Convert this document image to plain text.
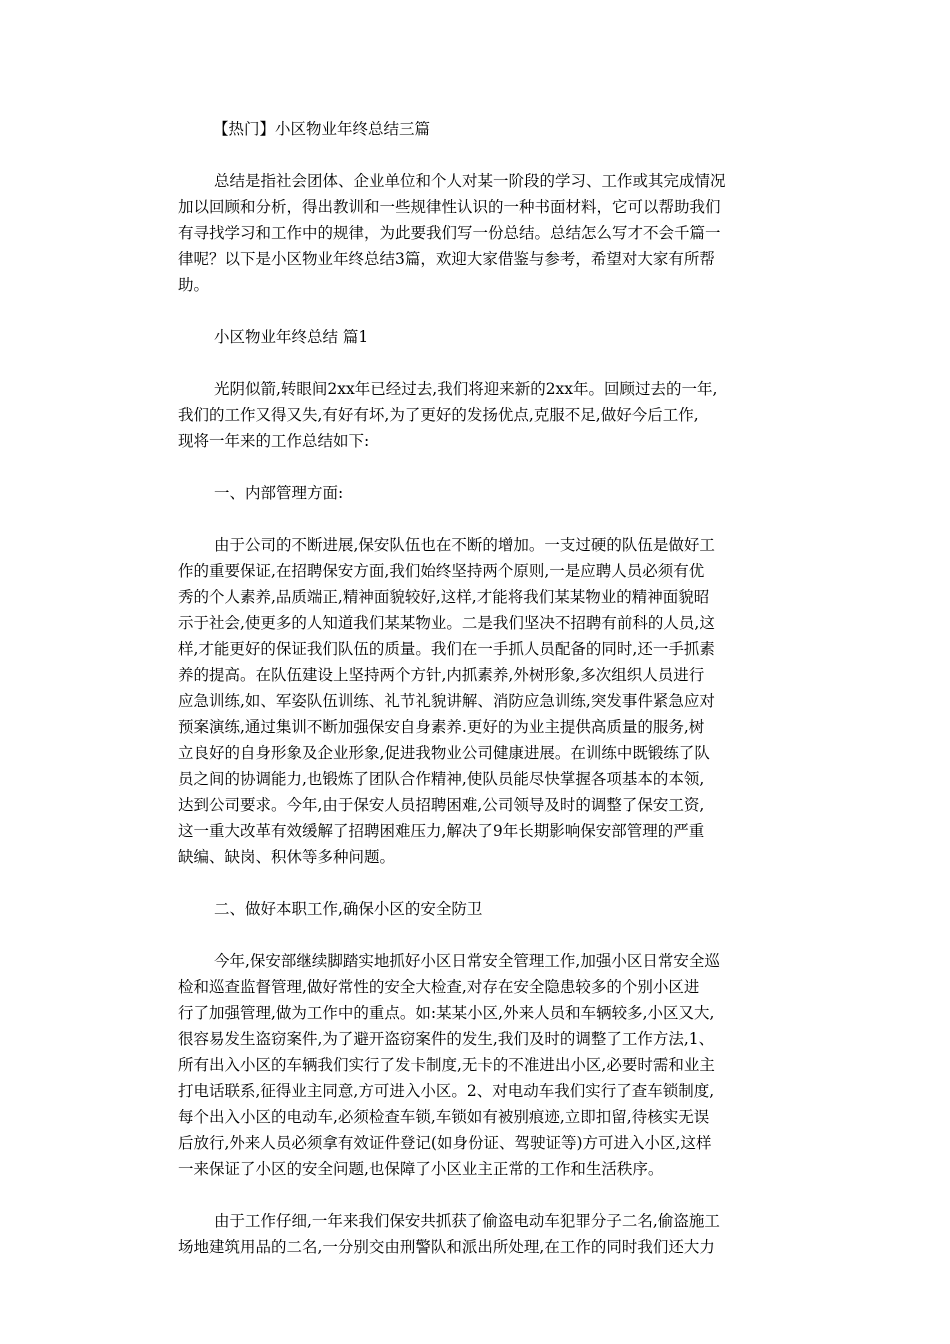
【热门】小区物业年终总结三篇

总结是指社会团体、企业单位和个人对某一阶段的学习、工作或其完成情况

加以回顾和分析，得出教训和一些规律性认识的一种书面材料，它可以帮助我们

有寻找学习和工作中的规律，为此要我们写一份总结。总结怎么写才不会千篇一

律呢？以下是小区物业年终总结3篇，欢迎大家借鉴与参考，希望对大家有所帮

助。

小区物业年终总结 篇1

光阴似箭,转眼间2xx年已经过去,我们将迎来新的2xx年。回顾过去的一年,

我们的工作又得又失,有好有坏,为了更好的发扬优点,克服不足,做好今后工作,

现将一年来的工作总结如下:

一、内部管理方面:

由于公司的不断进展,保安队伍也在不断的增加。一支过硬的队伍是做好工

作的重要保证,在招聘保安方面,我们始终坚持两个原则,一是应聘人员必须有优

秀的个人素养,品质端正,精神面貌较好,这样,才能将我们某某物业的精神面貌昭

示于社会,使更多的人知道我们某某物业。二是我们坚决不招聘有前科的人员,这

样,才能更好的保证我们队伍的质量。我们在一手抓人员配备的同时,还一手抓素

养的提高。在队伍建设上坚持两个方针,内抓素养,外树形象,多次组织人员进行

应急训练,如、军姿队伍训练、礼节礼貌讲解、消防应急训练,突发事件紧急应对

预案演练,通过集训不断加强保安自身素养.更好的为业主提供高质量的服务,树

立良好的自身形象及企业形象,促进我物业公司健康进展。在训练中既锻练了队

员之间的协调能力,也锻炼了团队合作精神,使队员能尽快掌握各项基本的本领,

达到公司要求。今年,由于保安人员招聘困难,公司领导及时的调整了保安工资,

这一重大改革有效缓解了招聘困难压力,解决了9年长期影响保安部管理的严重

缺编、缺岗、积休等多种问题。

二、做好本职工作,确保小区的安全防卫

今年,保安部继续脚踏实地抓好小区日常安全管理工作,加强小区日常安全巡

检和巡查监督管理,做好常性的安全大检查,对存在安全隐患较多的个别小区进

行了加强管理,做为工作中的重点。如:某某小区,外来人员和车辆较多,小区又大,

很容易发生盗窃案件,为了避开盗窃案件的发生,我们及时的调整了工作方法,1、

所有出入小区的车辆我们实行了发卡制度,无卡的不准进出小区,必要时需和业主

打电话联系,征得业主同意,方可进入小区。2、对电动车我们实行了查车锁制度,

每个出入小区的电动车,必须检查车锁,车锁如有被别痕迹,立即扣留,待核实无误

后放行,外来人员必须拿有效证件登记(如身份证、驾驶证等)方可进入小区,这样

一来保证了小区的安全问题,也保障了小区业主正常的工作和生活秩序。

由于工作仔细,一年来我们保安共抓获了偷盗电动车犯罪分子二名,偷盗施工

场地建筑用品的二名,一分别交由刑警队和派出所处理,在工作的同时我们还大力
